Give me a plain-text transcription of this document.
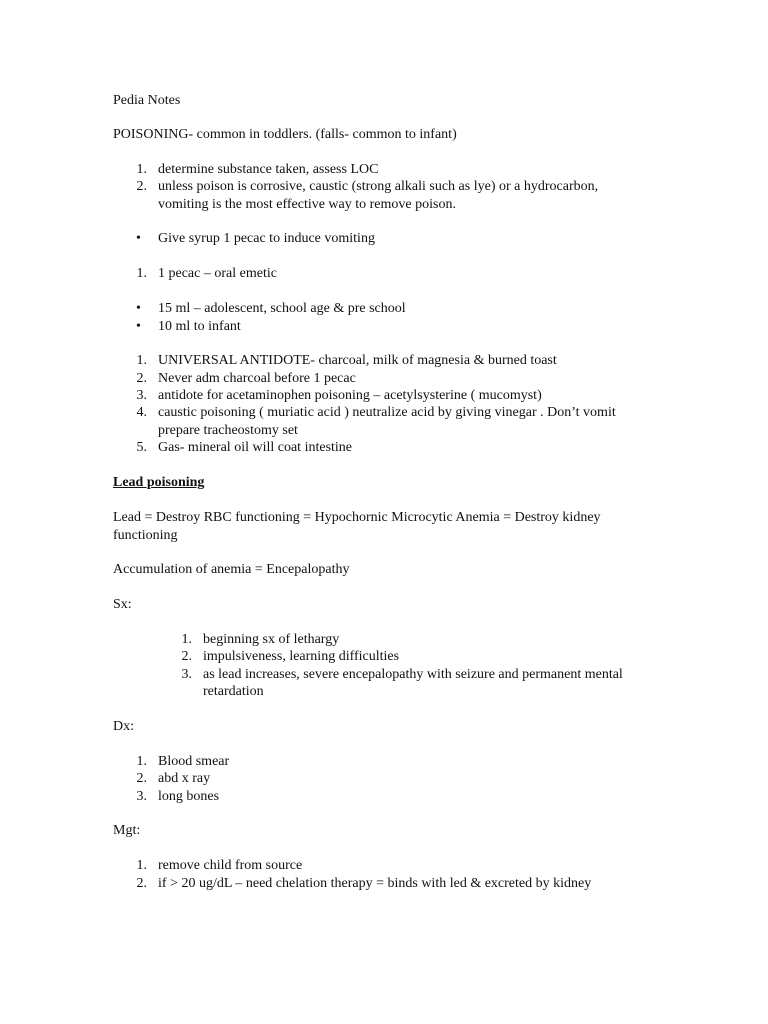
Pedia Notes
POISONING- common in toddlers. (falls- common to infant)
1. determine substance taken, assess LOC
2. unless poison is corrosive, caustic (strong alkali such as lye) or a hydrocarbon,
vomiting is the most effective way to remove poison.
• Give syrup 1 pecac to induce vomiting
1. 1 pecac – oral emetic
• 15 ml – adolescent, school age & pre school
• 10 ml to infant
1. UNIVERSAL ANTIDOTE- charcoal, milk of magnesia & burned toast
2. Never adm charcoal before 1 pecac
3. antidote for acetaminophen poisoning – acetylsysterine ( mucomyst)
4. caustic poisoning ( muriatic acid ) neutralize acid by giving vinegar . Don’t vomit
prepare tracheostomy set
5. Gas- mineral oil will coat intestine
Lead poisoning
Lead = Destroy RBC functioning = Hypochornic Microcytic Anemia = Destroy kidney
functioning
Accumulation of anemia = Encepalopathy
Sx:
1. beginning sx of lethargy
2. impulsiveness, learning difficulties
3. as lead increases, severe encepalopathy with seizure and permanent mental
retardation
Dx:
1. Blood smear
2. abd x ray
3. long bones
Mgt:
1. remove child from source
2. if > 20 ug/dL – need chelation therapy = binds with led & excreted by kidney
